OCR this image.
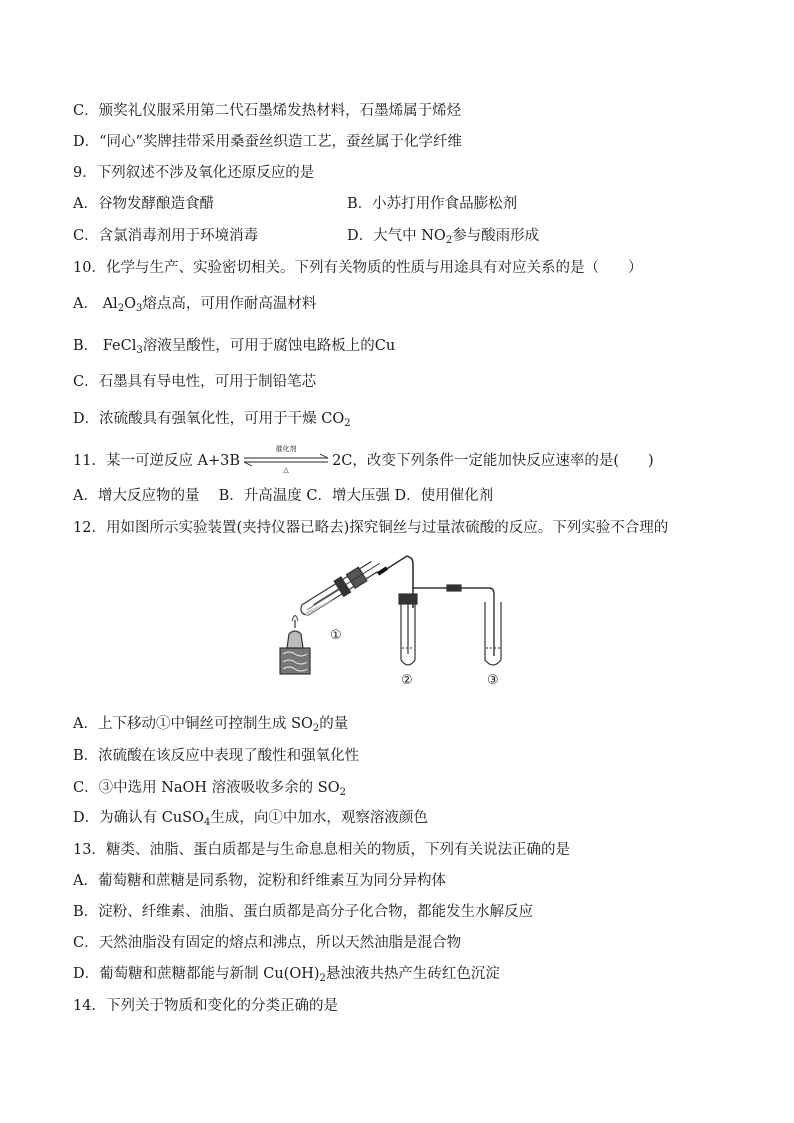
C．颁奖礼仪服采用第二代石墨烯发热材料，石墨烯属于烯烃
D．“同心”奖牌挂带采用桑蚕丝织造工艺，蚕丝属于化学纤维
9．下列叙述不涉及氧化还原反应的是
A．谷物发酵酿造食醋	B．小苏打用作食品膨松剂
C．含氯消毒剂用于环境消毒	D．大气中 $NO_2$参与酸雨形成
10．化学与生产、实验密切相关。下列有关物质的性质与用途具有对应关系的是（　　）
A． $Al_2O_3$熔点高，可用作耐高温材料
B． FeCl$_3$溶液呈酸性，可用于腐蚀电路板上的Cu
C．石墨具有导电性，可用于制铅笔芯
D．浓硫酸具有强氧化性，可用于干燥 $CO_2$
11．某一可逆反应 A+3B
催化剂
△
2C，改变下列条件一定能加快反应速率的是(　　)
A．增大反应物的量　 B．升高温度 C．增大压强 D．使用催化剂
12．用如图所示实验装置(夹持仪器已略去)探究铜丝与过量浓硫酸的反应。下列实验不合理的
①
②	③
A．上下移动①中铜丝可控制生成 $SO_2$的量
B．浓硫酸在该反应中表现了酸性和强氧化性
C．③中选用 NaOH 溶液吸收多余的 $SO_2$
D．为确认有 CuSO$_4$生成，向①中加水，观察溶液颜色
13．糖类、油脂、蛋白质都是与生命息息相关的物质，下列有关说法正确的是
A．葡萄糖和蔗糖是同系物，淀粉和纤维素互为同分异构体
B．淀粉、纤维素、油脂、蛋白质都是高分子化合物，都能发生水解反应
C．天然油脂没有固定的熔点和沸点，所以天然油脂是混合物
D．葡萄糖和蔗糖都能与新制 $Cu(OH)_2$悬浊液共热产生砖红色沉淀
14．下列关于物质和变化的分类正确的是
